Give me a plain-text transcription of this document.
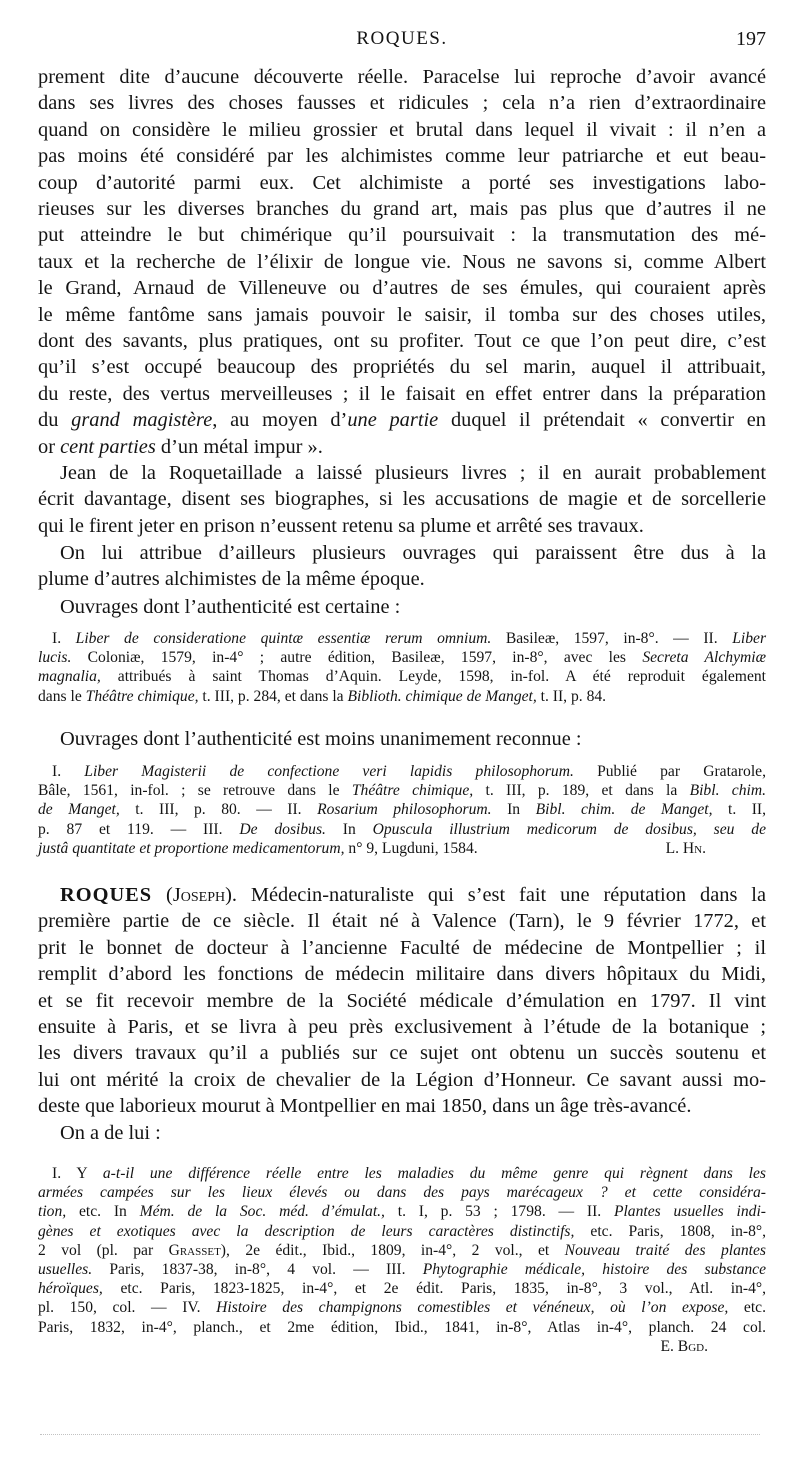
ROQUES.	197
prement dite d’aucune découverte réelle. Paracelse lui reproche d’avoir avancé
dans ses livres des choses fausses et ridicules ; cela n’a rien d’extraordinaire
quand on considère le milieu grossier et brutal dans lequel il vivait : il n’en a
pas moins été considéré par les alchimistes comme leur patriarche et eut beau-
coup d’autorité parmi eux. Cet alchimiste a porté ses investigations labo-
rieuses sur les diverses branches du grand art, mais pas plus que d’autres il ne
put atteindre le but chimérique qu’il poursuivait : la transmutation des mé-
taux et la recherche de l’élixir de longue vie. Nous ne savons si, comme Albert
le Grand, Arnaud de Villeneuve ou d’autres de ses émules, qui couraient après
le même fantôme sans jamais pouvoir le saisir, il tomba sur des choses utiles,
dont des savants, plus pratiques, ont su profiter. Tout ce que l’on peut dire, c’est
qu’il s’est occupé beaucoup des propriétés du sel marin, auquel il attribuait,
du reste, des vertus merveilleuses ; il le faisait en effet entrer dans la préparation
du grand magistère, au moyen d’une partie duquel il prétendait « convertir en
or cent parties d’un métal impur ».
Jean de la Roquetaillade a laissé plusieurs livres ; il en aurait probablement
écrit davantage, disent ses biographes, si les accusations de magie et de sorcellerie
qui le firent jeter en prison n’eussent retenu sa plume et arrêté ses travaux.
On lui attribue d’ailleurs plusieurs ouvrages qui paraissent être dus à la
plume d’autres alchimistes de la même époque.
Ouvrages dont l’authenticité est certaine :
I. Liber de consideratione quintæ essentiæ rerum omnium. Basileæ, 1597, in-8°. — II. Liber
lucis. Coloniæ, 1579, in-4° ; autre édition, Basileæ, 1597, in-8°, avec les Secreta Alchymiæ
magnalia, attribués à saint Thomas d’Aquin. Leyde, 1598, in-fol. A été reproduit également
dans le Théâtre chimique, t. III, p. 284, et dans la Biblioth. chimique de Manget, t. II, p. 84.
Ouvrages dont l’authenticité est moins unanimement reconnue :
I. Liber Magisterii de confectione veri lapidis philosophorum. Publié par Gratarole,
Bâle, 1561, in-fol. ; se retrouve dans le Théâtre chimique, t. III, p. 189, et dans la Bibl. chim.
de Manget, t. III, p. 80. — II. Rosarium philosophorum. In Bibl. chim. de Manget, t. II,
p. 87 et 119. — III. De dosibus. In Opuscula illustrium medicorum de dosibus, seu de
justâ quantitate et proportione medicamentorum, n° 9, Lugduni, 1584.	L. Hn.
ROQUES (Joseph). Médecin-naturaliste qui s’est fait une réputation dans la
première partie de ce siècle. Il était né à Valence (Tarn), le 9 février 1772, et
prit le bonnet de docteur à l’ancienne Faculté de médecine de Montpellier ; il
remplit d’abord les fonctions de médecin militaire dans divers hôpitaux du Midi,
et se fit recevoir membre de la Société médicale d’émulation en 1797. Il vint
ensuite à Paris, et se livra à peu près exclusivement à l’étude de la botanique ;
les divers travaux qu’il a publiés sur ce sujet ont obtenu un succès soutenu et
lui ont mérité la croix de chevalier de la Légion d’Honneur. Ce savant aussi mo-
deste que laborieux mourut à Montpellier en mai 1850, dans un âge très-avancé.
On a de lui :
I. Y a-t-il une différence réelle entre les maladies du même genre qui règnent dans les
armées campées sur les lieux élevés ou dans des pays marécageux ? et cette considéra-
tion, etc. In Mém. de la Soc. méd. d’émulat., t. I, p. 53 ; 1798. — II. Plantes usuelles indi-
gènes et exotiques avec la description de leurs caractères distinctifs, etc. Paris, 1808, in-8°,
2 vol (pl. par Grasset), 2e édit., Ibid., 1809, in-4°, 2 vol., et Nouveau traité des plantes
usuelles. Paris, 1837-38, in-8°, 4 vol. — III. Phytographie médicale, histoire des substance
héroïques, etc. Paris, 1823-1825, in-4°, et 2e édit. Paris, 1835, in-8°, 3 vol., Atl. in-4°,
pl. 150, col. — IV. Histoire des champignons comestibles et vénéneux, où l’on expose, etc.
Paris, 1832, in-4°, planch., et 2me édition, Ibid., 1841, in-8°, Atlas in-4°, planch. 24 col.
E. Bgd.
